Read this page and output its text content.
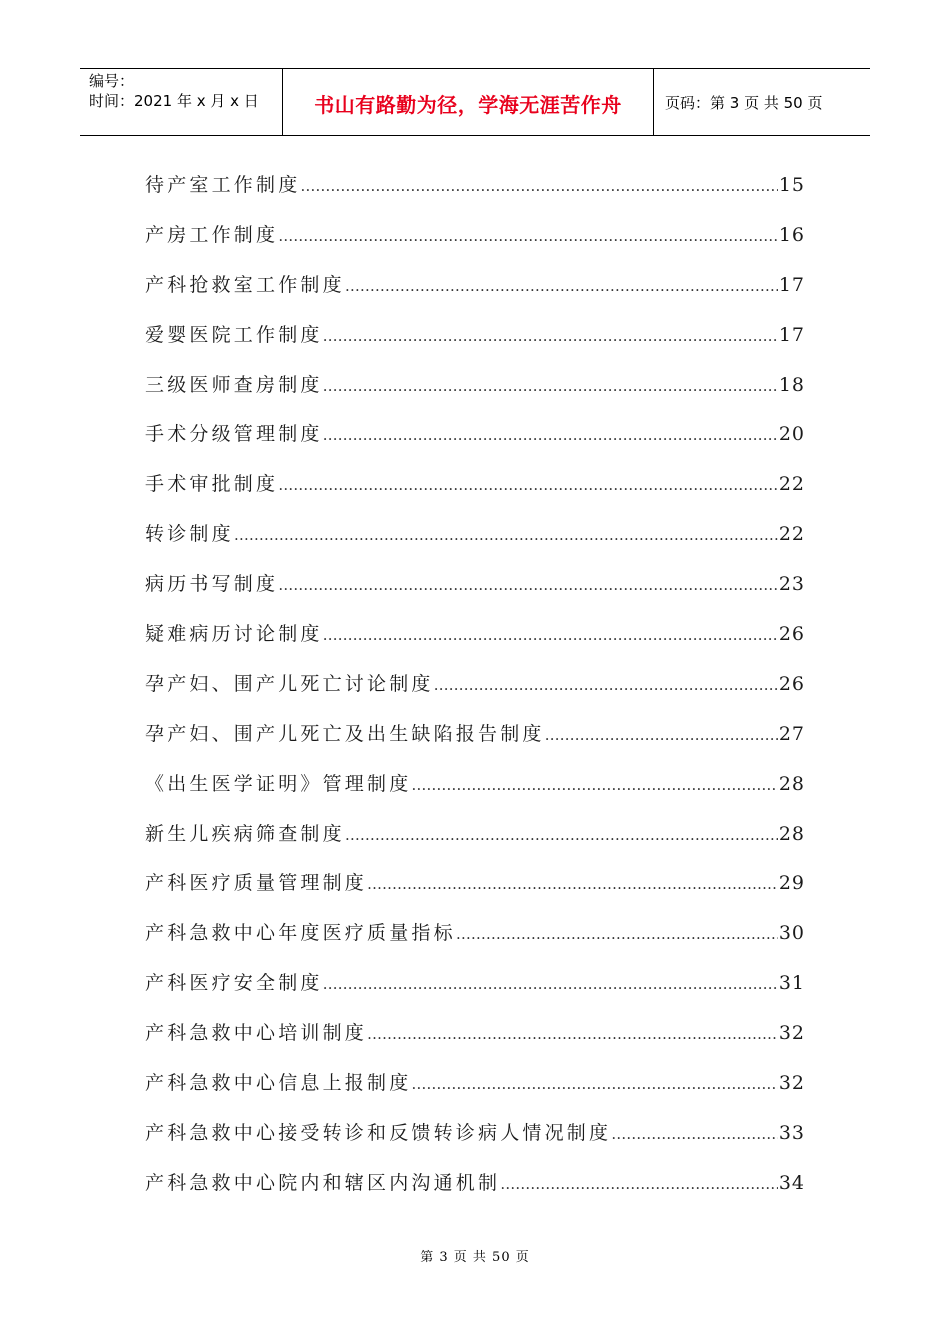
编号：
时间：2021 年 x 月 x 日	书山有路勤为径，学海无涯苦作舟	页码：第 3 页 共 50 页
待产室工作制度 ………………………………………………………………………………………………………………………………………………………………………………………………	15
产房工作制度 ………………………………………………………………………………………………………………………………………………………………………………………………	16
产科抢救室工作制度 ………………………………………………………………………………………………………………………………………………………………………………………………	17
爱婴医院工作制度 ………………………………………………………………………………………………………………………………………………………………………………………………	17
三级医师查房制度 ………………………………………………………………………………………………………………………………………………………………………………………………	18
手术分级管理制度 ………………………………………………………………………………………………………………………………………………………………………………………………	20
手术审批制度 ………………………………………………………………………………………………………………………………………………………………………………………………	22
转诊制度 ………………………………………………………………………………………………………………………………………………………………………………………………	22
病历书写制度 ………………………………………………………………………………………………………………………………………………………………………………………………	23
疑难病历讨论制度 ………………………………………………………………………………………………………………………………………………………………………………………………	26
孕产妇、围产儿死亡讨论制度 ………………………………………………………………………………………………………………………………………………………………………………………………	26
孕产妇、围产儿死亡及出生缺陷报告制度 ………………………………………………………………………………………………………………………………………………………………………………………………	27
《出生医学证明》管理制度 ………………………………………………………………………………………………………………………………………………………………………………………………	28
新生儿疾病筛查制度 ………………………………………………………………………………………………………………………………………………………………………………………………	28
产科医疗质量管理制度 ………………………………………………………………………………………………………………………………………………………………………………………………	29
产科急救中心年度医疗质量指标 ………………………………………………………………………………………………………………………………………………………………………………………………	30
产科医疗安全制度 ………………………………………………………………………………………………………………………………………………………………………………………………	31
产科急救中心培训制度 ………………………………………………………………………………………………………………………………………………………………………………………………	32
产科急救中心信息上报制度 ………………………………………………………………………………………………………………………………………………………………………………………………	32
产科急救中心接受转诊和反馈转诊病人情况制度 ………………………………………………………………………………………………………………………………………………………………………………………………	33
产科急救中心院内和辖区内沟通机制 ………………………………………………………………………………………………………………………………………………………………………………………………	34
第 3 页 共 50 页
